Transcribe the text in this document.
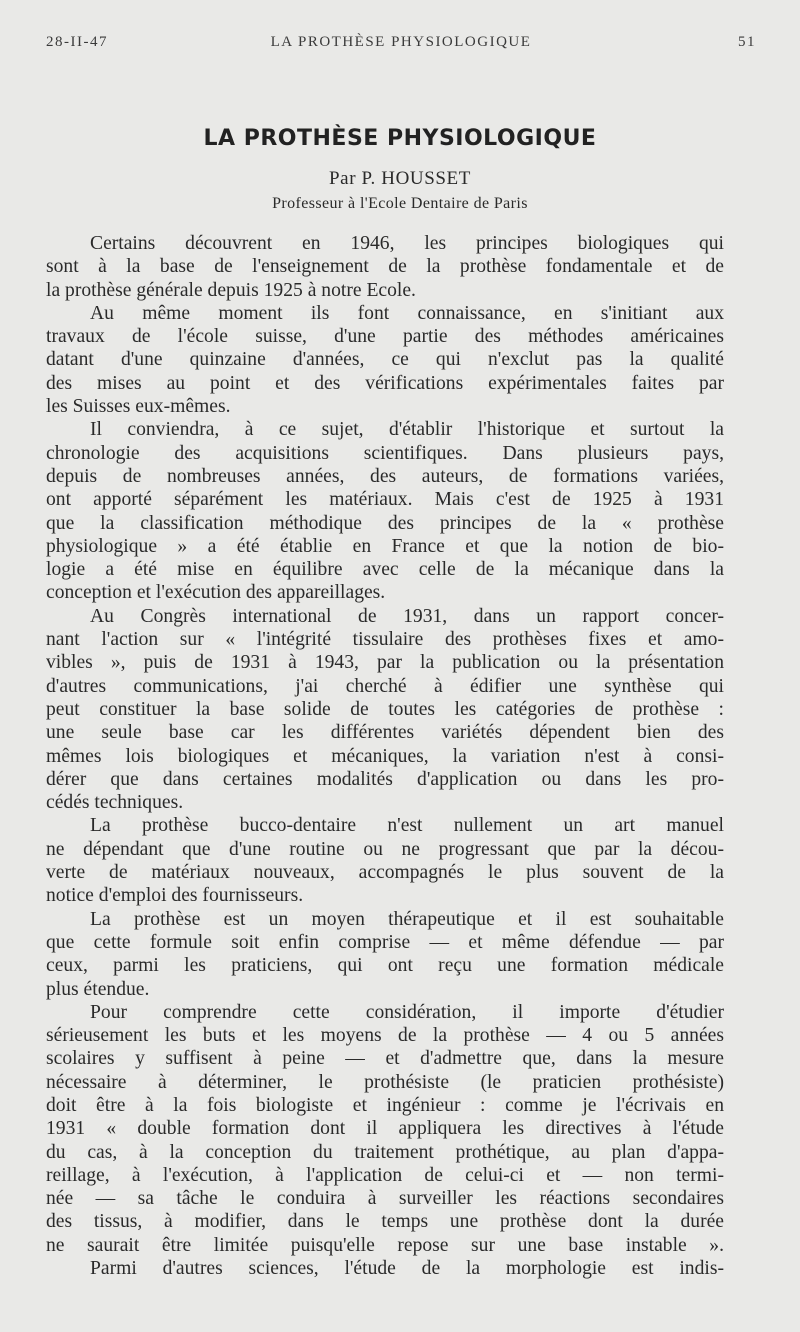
28-II-47	LA PROTHÈSE PHYSIOLOGIQUE	51
LA PROTHÈSE PHYSIOLOGIQUE
Par P. HOUSSET
Professeur à l'Ecole Dentaire de Paris
Certains découvrent en 1946, les principes biologiques qui
sont à la base de l'enseignement de la prothèse fondamentale et de
la prothèse générale depuis 1925 à notre Ecole.
Au même moment ils font connaissance, en s'initiant aux
travaux de l'école suisse, d'une partie des méthodes américaines
datant d'une quinzaine d'années, ce qui n'exclut pas la qualité
des mises au point et des vérifications expérimentales faites par
les Suisses eux-mêmes.
Il conviendra, à ce sujet, d'établir l'historique et surtout la
chronologie des acquisitions scientifiques. Dans plusieurs pays,
depuis de nombreuses années, des auteurs, de formations variées,
ont apporté séparément les matériaux. Mais c'est de 1925 à 1931
que la classification méthodique des principes de la « prothèse
physiologique » a été établie en France et que la notion de bio-
logie a été mise en équilibre avec celle de la mécanique dans la
conception et l'exécution des appareillages.
Au Congrès international de 1931, dans un rapport concer-
nant l'action sur « l'intégrité tissulaire des prothèses fixes et amo-
vibles », puis de 1931 à 1943, par la publication ou la présentation
d'autres communications, j'ai cherché à édifier une synthèse qui
peut constituer la base solide de toutes les catégories de prothèse :
une seule base car les différentes variétés dépendent bien des
mêmes lois biologiques et mécaniques, la variation n'est à consi-
dérer que dans certaines modalités d'application ou dans les pro-
cédés techniques.
La prothèse bucco-dentaire n'est nullement un art manuel
ne dépendant que d'une routine ou ne progressant que par la décou-
verte de matériaux nouveaux, accompagnés le plus souvent de la
notice d'emploi des fournisseurs.
La prothèse est un moyen thérapeutique et il est souhaitable
que cette formule soit enfin comprise — et même défendue — par
ceux, parmi les praticiens, qui ont reçu une formation médicale
plus étendue.
Pour comprendre cette considération, il importe d'étudier
sérieusement les buts et les moyens de la prothèse — 4 ou 5 années
scolaires y suffisent à peine — et d'admettre que, dans la mesure
nécessaire à déterminer, le prothésiste (le praticien prothésiste)
doit être à la fois biologiste et ingénieur : comme je l'écrivais en
1931 « double formation dont il appliquera les directives à l'étude
du cas, à la conception du traitement prothétique, au plan d'appa-
reillage, à l'exécution, à l'application de celui-ci et — non termi-
née — sa tâche le conduira à surveiller les réactions secondaires
des tissus, à modifier, dans le temps une prothèse dont la durée
ne saurait être limitée puisqu'elle repose sur une base instable ».
Parmi d'autres sciences, l'étude de la morphologie est indis-
